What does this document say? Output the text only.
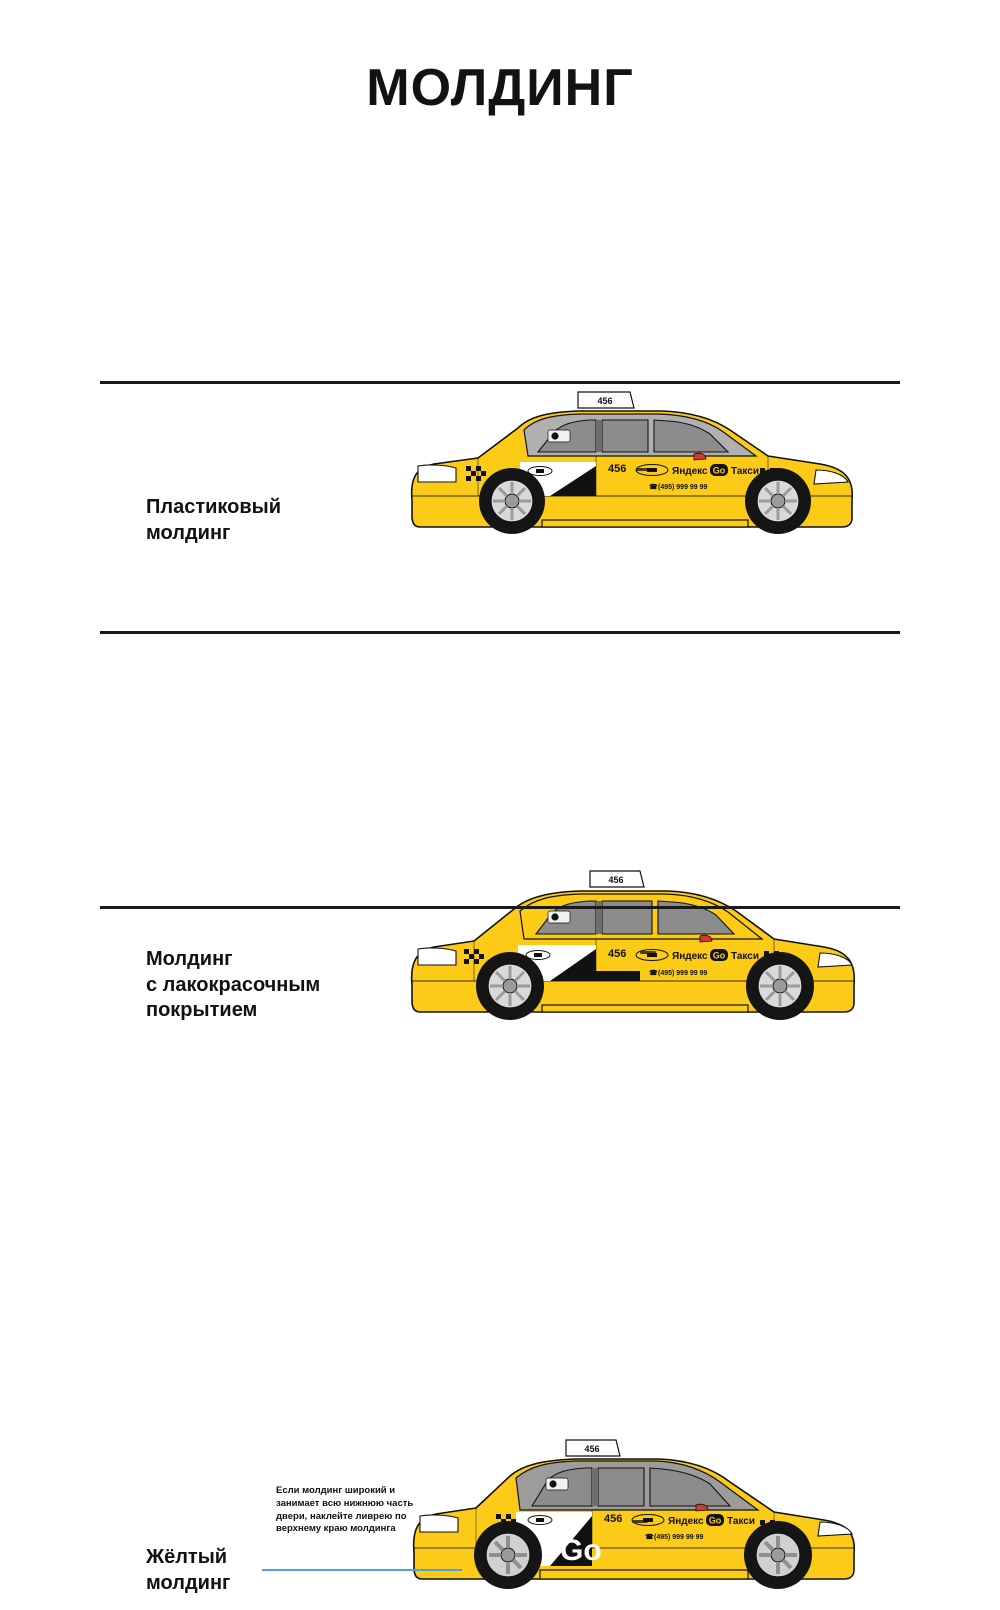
МОЛДИНГ
456
456	Яндекс Go Такси
☎ (495) 999 99 99
Пластиковый
молдинг
456
456	Яндекс Go Такси
☎ (495) 999 99 99
Молдинг
с лакокрасочным
покрытием
456
Go
456	Яндекс Go Такси
☎ (495) 999 99 99
Если молдинг широкий и занимает всю нижнюю часть двери, наклейте ливрею по верхнему краю молдинга
Жёлтый
молдинг
